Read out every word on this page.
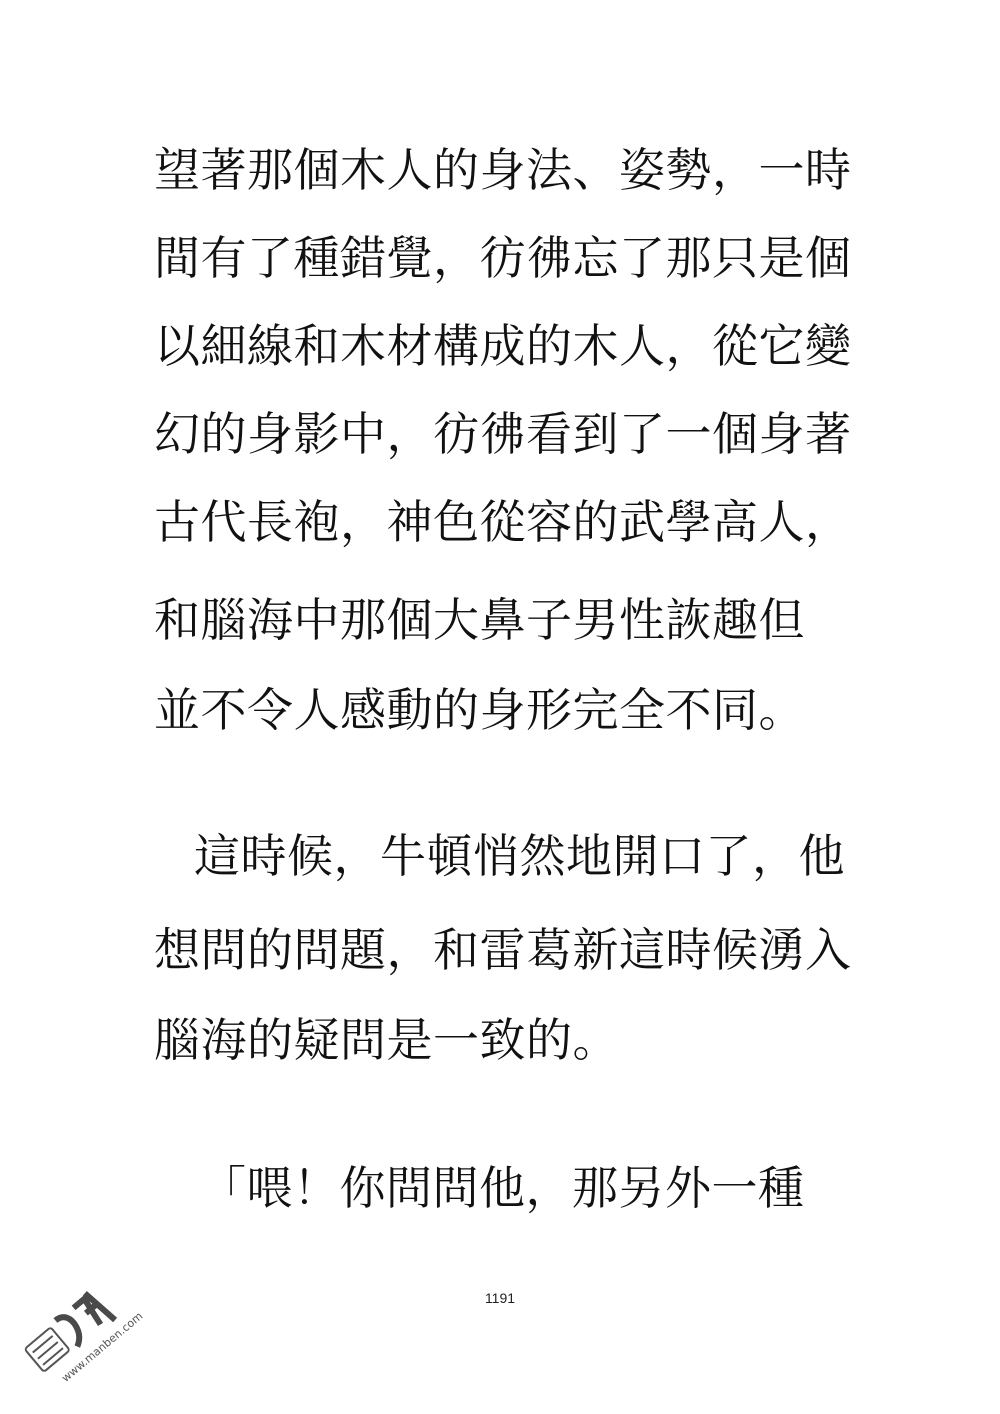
望著那個木人的身法、姿勢，一時
間有了種錯覺，彷彿忘了那只是個
以細線和木材構成的木人，從它變
幻的身影中，彷彿看到了一個身著
古代長袍，神色從容的武學高人，
和腦海中那個大鼻子男性詼趣但
並不令人感動的身形完全不同。
這時候，牛頓悄然地開口了，他
想問的問題，和雷葛新這時候湧入
腦海的疑問是一致的。
「喂！你問問他，那另外一種
1191
www.manben.com
